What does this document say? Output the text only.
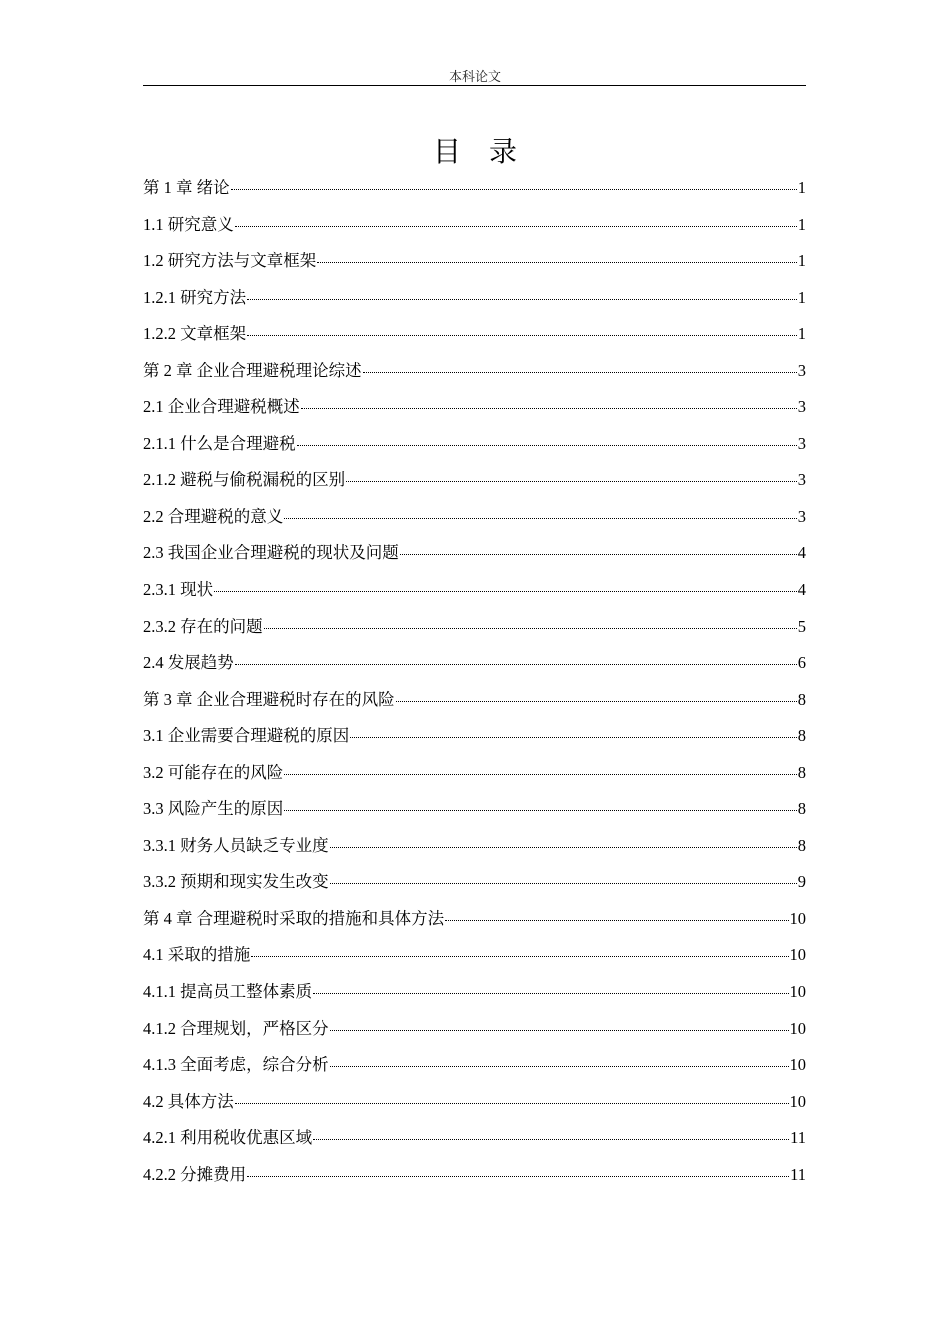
本科论文
目录
第 1 章 绪论	1
1.1 研究意义	1
1.2 研究方法与文章框架	1
1.2.1 研究方法	1
1.2.2 文章框架	1
第 2 章 企业合理避税理论综述	3
2.1 企业合理避税概述	3
2.1.1 什么是合理避税	3
2.1.2 避税与偷税漏税的区别	3
2.2 合理避税的意义	3
2.3 我国企业合理避税的现状及问题	4
2.3.1 现状	4
2.3.2 存在的问题	5
2.4 发展趋势	6
第 3 章 企业合理避税时存在的风险	8
3.1 企业需要合理避税的原因	8
3.2 可能存在的风险	8
3.3 风险产生的原因	8
3.3.1 财务人员缺乏专业度	8
3.3.2 预期和现实发生改变	9
第 4 章 合理避税时采取的措施和具体方法	10
4.1 采取的措施	10
4.1.1 提高员工整体素质	10
4.1.2 合理规划，严格区分	10
4.1.3 全面考虑，综合分析	10
4.2 具体方法	10
4.2.1 利用税收优惠区域	11
4.2.2 分摊费用	11
